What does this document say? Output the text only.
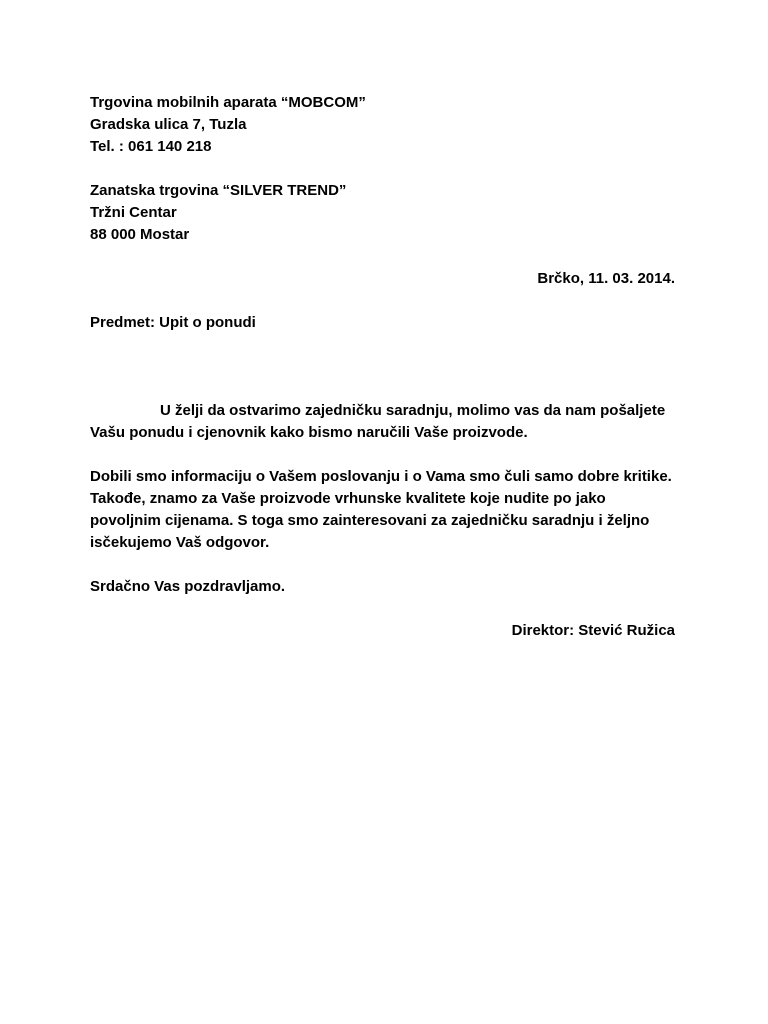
Trgovina mobilnih aparata “MOBCOM”
Gradska ulica 7, Tuzla
Tel. : 061 140 218
Zanatska trgovina “SILVER TREND”
Tržni Centar
88 000 Mostar
Brčko, 11. 03. 2014.
Predmet: Upit o ponudi

U želji da ostvarimo zajedničku saradnju, molimo vas da nam pošaljete Vašu ponudu i cjenovnik kako bismo naručili Vaše proizvode.

Dobili smo informaciju o Vašem poslovanju i o Vama smo čuli samo dobre kritike. Takođe, znamo za Vaše proizvode vrhunske kvalitete koje nudite po jako povoljnim cijenama. S toga smo zainteresovani za zajedničku saradnju i željno isčekujemo Vaš odgovor.

Srdačno Vas pozdravljamo.
Direktor: Stević Ružica
